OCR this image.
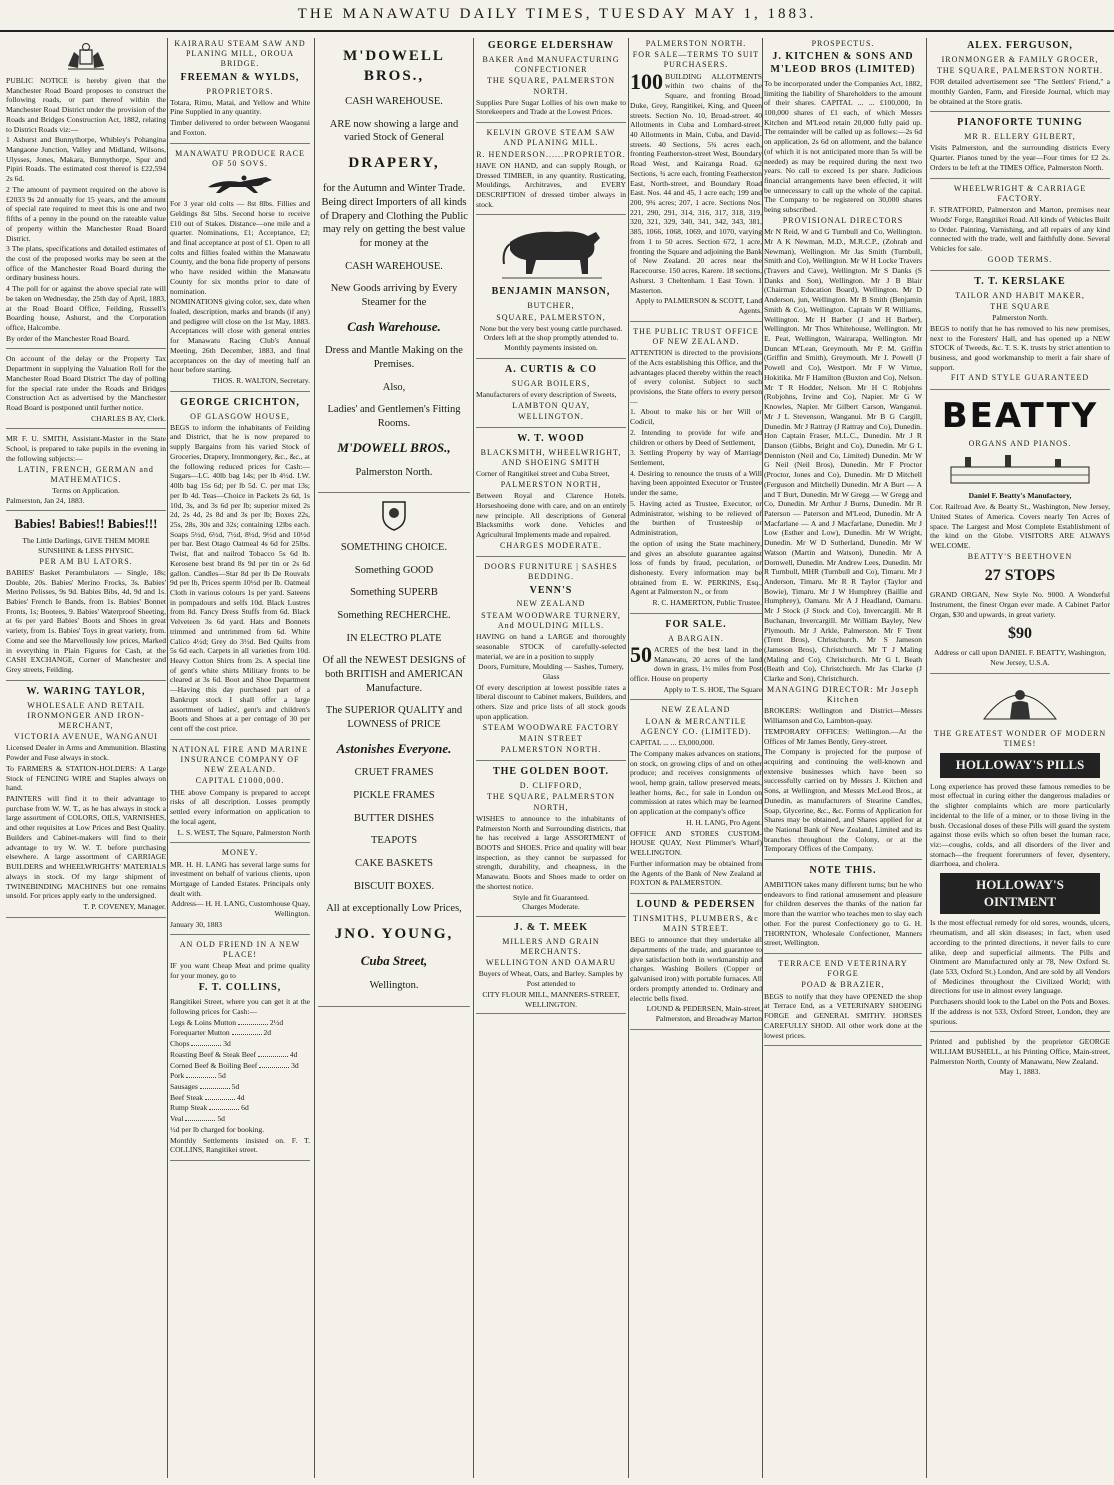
THE MANAWATU DAILY TIMES, TUESDAY MAY 1, 1883.

PUBLIC NOTICE is hereby given that the Manchester Road Board proposes to construct the following roads, or part thereof within the Manchester Road District under the provision of the Roads and Bridges Construction Act, 1882, relating to District Roads viz:—

1 Ashurst and Bunnythorpe, Whibley's Pohangina Mangaone Junction, Valley and Midland, Wilsons, Ulysses, Jones, Makara, Bunnythorpe, Spur and Pipiri Roads. The estimated cost thereof is £22,594 2s 6d.

2 The amount of payment required on the above is £2033 9s 2d annually for 15 years, and the amount of special rate required to meet this is one and two fifths of a penny in the pound on the rateable value of property within the Manchester Road Board District.

3 The plans, specifications and detailed estimates of the cost of the proposed works may be seen at the office of the Manchester Road Board during the ordinary business hours.

4 The poll for or against the above special rate will be taken on Wednesday, the 25th day of April, 1883, at the Road Board Office, Feilding, Russell's Boarding house, Ashurst, and the Corporation office, Halcombe.

By order of the Manchester Road Board.

On account of the delay or the Property Tax Department in supplying the Valuation Roll for the Manchester Road Board District The day of polling for the special rate under the Roads and Bridges Construction Act as advertised by the Manchester Road Board is postponed until further notice.

CHARLES B AY, Clerk.

MR F. U. SMITH, Assistant-Master in the State School, is prepared to take pupils in the evening in the following subjects:—

LATIN, FRENCH, GERMAN and MATHEMATICS.
Terms on Application.
Palmerston, Jan 24, 1883.
Babies! Babies!! Babies!!!
The Little Darlings, GIVE THEM MORE SUNSHINE & LESS PHYSIC.
PER AM BU LATORS.

BABIES' Basket Perambulators — Single, 18s; Double, 20s. Babies' Merino Frocks, 3s. Babies' Merino Pelisses, 9s 9d. Babies Bibs, 4d, 9d and 1s. Babies' French Ie Bands, from 1s. Babies' Bonnet Fronts, 1s; Bootees, 9. Babies' Waterproof Sheeting, at 6s per yard Babies' Boots and Shoes in great variety, from 1s. Babies' Toys in great variety, from. Come and see the Marvellously low prices, Marked in everything in Plain Figures for Cash, at the CASH EXCHANGE, Corner of Manchester and Grey streets, Feilding.

W. WARING TAYLOR,
WHOLESALE AND RETAIL IRONMONGER AND IRON-MERCHANT,
VICTORIA AVENUE, WANGANUI

Licensed Dealer in Arms and Ammunition. Blasting Powder and Fuse always in stock.

To FARMERS & STATION-HOLDERS: A Large Stock of FENCING WIRE and Staples always on hand.

PAINTERS will find it to their advantage to purchase from W. W. T., as he has always in stock a large assortment of COLORS, OILS, VARNISHES, and other requisites at Low Prices and Best Quality. Builders and Cabinet-makers will find to their advantage to try W. W. T. before purchasing elsewhere. A large assortment of CARRIAGE BUILDERS and WHEELWRIGHTS' MATERIALS always in stock. Of my large shipment of TWINEBINDING MACHINES but one remains unsold. For prices apply early to the undersigned.

T. P. COVENEY, Manager.

KAIRARAU STEAM SAW AND PLANING MILL, OROUA BRIDGE.
FREEMAN & WYLDS,
PROPRIETORS.

Totara, Rimu, Matai, and Yellow and White Pine Supplied in any quantity.

Timber delivered to order between Waoganui and Foxton.

MANAWATU PRODUCE RACE OF 50 SOVS.

For 3 year old colts — 8st 8lbs. Fillies and Geldings 8st 5lbs. Second horse to receive £10 out of Stakes. Distance—one mile and a quarter. Nominations, £1; Acceptance, £2; and final acceptance at post of £1. Open to all colts and fillies foaled within the Manawatu County, and the bona fide property of persons who have resided within the Manawatu County for six months prior to date of nomination.

NOMINATIONS giving color, sex, date when foaled, description, marks and brands (if any) and pedigree will close on the 1st May, 1883. Acceptances will close with general entries for Manawatu Racing Club's Annual Meeting, 26th December, 1883, and final acceptances on the day of meeting half an hour before starting.

THOS. R. WALTON, Secretary.

GEORGE CRICHTON,
OF GLASGOW HOUSE,

BEGS to inform the inhabitants of Feilding and District, that he is now prepared to supply Bargains from his varied Stock of Groceries, Drapery, Ironmongery, &c., &c., at the following reduced prices for Cash:— Sugars—I.C. 40lb bag 14s; per lb 4½d. I.W. 40lb bag 15s 6d; per lb 5d. C. per mat 13s; per lb 4d. Teas—Choice in Packets 2s 6d, 1s 10d, 3s, and 3s 6d per lb; superior mixed 2s 2d, 2s 4d, 2s 8d and 3s per lb; Boxes 22s, 25s, 28s, 30s and 32s; containing 12lbs each. Soaps 5½d, 6½d, 7½d, 8½d, 9½d and 10½d per bar. Best Otago Oatmeal 4s 6d for 25lbs. Twist, flat and nailrod Tobacco 5s 6d lb. Kerosene best brand 8s 9d per tin or 2s 6d gallon. Candles—Star 8d per lb De Rouvalx 9d per lb, Prices sperm 10½d per lb. Oatmeal Cloth in various colours 1s per yard. Sateens in pompadours and selfs 10d. Black Lustres from 8d. Fancy Dress Stuffs from 6d. Black Velveteen 3s 6d yard. Hats and Bonnets trimmed and untrimmed from 6d. White Calico 4½d; Grey do 3½d. Bed Quilts from 5s 6d each. Carpets in all varieties from 10d. Heavy Cotton Shirts from 2s. A special line of gent's white shirts Military fronts to be cleared at 3s 6d. Boot and Shoe Department—Having this day purchased part of a Bankrupt stock I shall offer a large assortment of ladies', gent's and children's Boots and Shoes at a per centage of 30 per cent off the cost price.

NATIONAL FIRE AND MARINE INSURANCE COMPANY OF NEW ZEALAND.
CAPITAL £1000,000.

THE above Company is prepared to accept risks of all description. Losses promptly settled every information on application to the local agent,

L. S. WEST, The Square, Palmerston North

MONEY.

MR. H. H. LANG has several large sums for investment on behalf of various clients, upon Mortgage of Landed Estates. Principals only dealt with.

Address— H. H. LANG, Customhouse Quay, Wellington.

January 30, 1883
AN OLD FRIEND IN A NEW PLACE!

IF you want Cheap Meat and prime quality for your money, go to

F. T. COLLINS,

Rangitikei Street, where you can get it at the following prices for Cash:—

Legs & Loins Mutton	2½d
Forequarter Mutton	2d
Chops	3d
Roasting Beef & Steak Beef	4d
Corned Beef & Boiling Beef	3d
Pork	5d
Sausages	5d
Beef Steak	4d
Rump Steak	6d
Veal	5d

½d per lb charged for booking.

Monthly Settlements insisted on. F. T. COLLINS, Rangitikei street.

M'DOWELL BROS.,
CASH WAREHOUSE.
ARE now showing a large and varied Stock of General
DRAPERY,
for the Autumn and Winter Trade. Being direct Importers of all kinds of Drapery and Clothing the Public may rely on getting the best value for money at the
CASH WAREHOUSE.
New Goods arriving by Every Steamer for the
Cash Warehouse.
Dress and Mantle Making on the Premises.
Also,
Ladies' and Gentlemen's Fitting Rooms.
M'DOWELL BROS.,
Palmerston North.
SOMETHING CHOICE.
Something GOOD
Something SUPERB
Something RECHERCHE.
IN ELECTRO PLATE
Of all the NEWEST DESIGNS of both BRITISH and AMERICAN Manufacture.
The SUPERIOR QUALITY and LOWNESS of PRICE
Astonishes Everyone.
CRUET FRAMES
PICKLE FRAMES
BUTTER DISHES
TEAPOTS
CAKE BASKETS
BISCUIT BOXES.
All at exceptionally Low Prices,
JNO. YOUNG,
Cuba Street,
Wellington.
GEORGE ELDERSHAW
BAKER And MANUFACTURING CONFECTIONER
THE SQUARE, PALMERSTON NORTH.

Supplies Pure Sugar Lollies of his own make to Storekeepers and Trade at the Lowest Prices.

KELVIN GROVE STEAM SAW AND PLANING MILL.
R. HENDERSON......PROPRIETOR.

HAVE ON HAND, and can supply Rough, or Dressed TIMBER, in any quantity. Rusticating, Mouldings, Architraves, and EVERY DESCRIPTION of dressed timber always in stock.

BENJAMIN MANSON,
BUTCHER,
SQUARE, PALMERSTON,

None but the very best young cattle purchased. Orders left at the shop promptly attended to. Monthly payments insisted on.

A. CURTIS & CO
SUGAR BOILERS,

Manufacturers of every description of Sweets,

LAMBTON QUAY,
WELLINGTON.
W. T. WOOD
BLACKSMITH, WHEELWRIGHT, AND SHOEING SMITH

Corner of Rangitikei street and Cuba Street,

PALMERSTON NORTH,

Between Royal and Clarence Hotels. Horseshoeing done with care, and on an entirely new principle. All descriptions of General Blacksmiths work done. Vehicles and Agricultural Implements made and repaired.

CHARGES MODERATE.
DOORS FURNITURE | SASHES BEDDING.
VENN'S
NEW ZEALAND
STEAM WOODWARE TURNERY, And MOULDING MILLS.

HAVING on hand a LARGE and thoroughly seasonable STOCK of carefully-selected material, we are in a position to supply

Doors, Furniture, Moulding — Sashes, Turnery, Glass

Of every description at lowest possible rates a liberal discount to Cabinet makers, Builders, and others. Size and price lists of all stock goods upon application.

STEAM WOODWARE FACTORY
MAIN STREET
PALMERSTON NORTH.
THE GOLDEN BOOT.
D. CLIFFORD,
THE SQUARE, PALMERSTON NORTH,

WISHES to announce to the inhabitants of Palmerston North and Surrounding districts, that he has received a large ASSORTMENT of BOOTS and SHOES. Price and quality will bear inspection, as they cannot be surpassed for strength, durability, and cheapness, in the Manawatu. Boots and Shoes made to order on the shortest notice.

Style and fit Guaranteed.
Charges Moderate.
J. & T. MEEK
MILLERS AND GRAIN MERCHANTS.
WELLINGTON AND OAMARU

Buyers of Wheat, Oats, and Barley. Samples by Post attended to

CITY FLOUR MILL, MANNERS-STREET, WELLINGTON.
PALMERSTON NORTH.
FOR SALE—TERMS TO SUIT PURCHASERS.
100 BUILDING ALLOTMENTS within two chains of the Square, and fronting Broad, Duke, Grey, Rangitikei, King, and Queen streets. Section No. 10, Broad-street. 40 Allotments in Cuba and Lombard-street. 40 Allotments in Main, Cuba, and David-streets. 40 Sections, 5¾ acres each, fronting Featherston-street West, Boundary Road West, and Kairanga Road. 62 Sections, ¾ acre each, fronting Featherston East, North-street, and Boundary Road East. Nos. 44 and 45, 1 acre each; 199 and 200, 9¾ acres; 207, 1 acre. Sections Nos. 221, 290, 291, 314, 316, 317, 318, 319, 320, 321, 329, 340, 341, 342, 343, 381, 385, 1066, 1068, 1069, and 1070, varying from 1 to 50 acres. Section 672, 1 acre, fronting the Square and adjoining the Bank of New Zealand. 20 acres near the Racecourse. 150 acres, Karere. 18 sections, Ashurst. 3 Cheltenham. 1 East Town. 1 Masterton.

Apply to PALMERSON & SCOTT, Land Agents.

THE PUBLIC TRUST OFFICE OF NEW ZEALAND.

ATTENTION is directed to the provisions of the Acts establishing this Office, and the advantages placed thereby within the reach of every colonist. Subject to such provisions, the State offers to every person—

1. About to make his or her Will or Codicil,

2. Intending to provide for wife and children or others by Deed of Settlement,

3. Settling Property by way of Marriage Settlement,

4. Desiring to renounce the trusts of a Will having been appointed Executor or Trustee under the same,

5. Having acted as Trustee, Executor, or Administrator, wishing to be relieved of the burthen of Trusteeship or Administration,

the option of using the State machinery, and gives an absolute guarantee against loss of funds by fraud, peculation, or dishonesty. Every information may be obtained from E. W. PERKINS, Esq., Agent at Palmerston N., or from

R. C. HAMERTON, Public Trustee.

FOR SALE.
A BARGAIN.
50 ACRES of the best land in the Manawatu, 20 acres of the land down in grass, 1½ miles from Post office. House on property

Apply to T. S. HOE, The Square

NEW ZEALAND
LOAN & MERCANTILE AGENCY CO. (LIMITED).
CAPITAL ... ... £3,000,000.

The Company makes advances on stations, on stock, on growing clips of and on other produce; and receives consignments of wool, hemp grain, tallow preserved meats, leather horns, &c., for sale in London on commission at rates which may be learned on application at the company's office

H. H. LANG, Pro Agent.

OFFICE AND STORES CUSTOM-HOUSE QUAY, Next Plimmer's Wharf) WELLINGTON.

Further information may be obtained from the Agents of the Bank of New Zealand at FOXTON & PALMERSTON.

LOUND & PEDERSEN
TINSMITHS, PLUMBERS, &c MAIN STREET.

BEG to announce that they undertake all departments of the trade, and guarantee to give satisfaction both in workmanship and charges. Washing Boilers (Copper or galvanised iron) with portable furnaces. All orders promptly attended to. Ordinary and electric bells fixed.

LOUND & PEDERSEN, Main-street, Palmerston, and Broadway Marton

PROSPECTUS.
J. KITCHEN & SONS AND M'LEOD BROS (LIMITED)

To be incorporated under the Companies Act, 1882, limiting the liability of Shareholders to the amount of their shares. CAPITAL ... ... £100,000, In 100,000 shares of £1 each, of which Messrs Kitchen and M'Leod retain 20,000 fully paid up. The remainder will be called up as follows:—2s 6d on application, 2s 6d on allotment, and the balance (of which it is not anticipated more than 5s will be needed) as may be required during the next two years. No call to exceed 1s per share. Judicious financial arrangements have been effected, it will be unnecessary to call up the whole of the capital. The Company to be registered on 30,000 shares being subscribed.

PROVISIONAL DIRECTORS

Mr N Reid, W and G Turnbull and Co, Wellington. Mr A K Newman, M.D., M.R.C.P., (Zohrab and Newman), Wellington. Mr Jas Smith (Turnbull, Smith and Co), Wellington. Mr W H Locke Travers (Travers and Cave), Wellington. Mr S Danks (S Danks and Son), Wellington. Mr J B Blair (Chairman Education Board), Wellington. Mr D Anderson, jun, Wellington. Mr B Smith (Benjamin Smith & Co), Wellington. Captain W R Williams, Wellington. Mr H Barber (J and H Barber), Wellington. Mr Thos Whitehouse, Wellington. Mr E. Peat, Wellington, Wairarapa, Wellington. Mr Duncan M'Lean, Greymouth. Mr P. M. Griffin (Griffin and Smith), Greymouth. Mr J. Powell (J Powell and Co), Westport. Mr F W Virtue, Hokitika. Mr F Hamilton (Buxton and Co), Nelson. Mr T R Hodder, Nelson. Mr H C Robjohns (Robjohns, Irvine and Co), Napier. Mr G W Knowles, Napier. Mr Gilbert Carson, Wanganui. Mr J L Stevenson, Wanganui. Mr B G Cargill, Dunedin. Mr J Rattray (J Rattray and Co), Dunedin. Hon Captain Fraser, M.L.C., Dunedin. Mr J R Danson (Gibbs, Bright and Co), Dunedin. Mr G L Denniston (Neil and Co, Limited) Dunedin. Mr W G Neil (Neil Bros), Dunedin. Mr F Proctor (Proctor, Jones and Co), Dunedin. Mr D Mitchell (Ferguson and Mitchell) Dunedin. Mr A Burt — A and T Burt, Dunedin. Mr W Gregg — W Gregg and Co, Dunedin. Mr Arthur J Burns, Dunedin. Mr R Paterson — Paterson and M'Leod, Dunedin. Mr A Macfarlane — A and J Macfarlane, Dunedin. Mr J Low (Esther and Low), Dunedin. Mr W Wright, Dunedin. Mr W D Sutherland, Dunedin. Mr W Watson (Martin and Watson), Dunedin. Mr A Dornwell, Dunedin. Mr Andrew Lees, Dunedin. Mr R Turnbull, MHR (Turnbull and Co), Timaru. Mr J Anderson, Timaru. Mr R R Taylor (Taylor and Bowie), Timaru. Mr J W Humphrey (Baillie and Humphrey), Oamaru. Mr A J Headland, Oamaru. Mr J Stock (J Stock and Co), Invercargill. Mr R Buchanan, Invercargill. Mr William Bayley, New Plymouth. Mr J Arkle, Palmerston. Mr F Trent (Trent Bros), Christchurch. Mr S Jameson (Jameson Bros), Christchurch. Mr T J Maling (Maling and Co), Christchurch. Mr G L Beath (Beath and Co), Christchurch. Mr Jas Clarke (J Clarke and Son), Christchurch.

MANAGING DIRECTOR: Mr Joseph Kitchen

BROKERS: Wellington and District—Messrs Williamson and Co, Lambton-quay.

TEMPORARY OFFICES: Wellington.—At the Offices of Mr James Bently, Grey-street.

The Company is projected for the purpose of acquiring and continuing the well-known and extensive businesses which have been so successfully carried on by Messrs J. Kitchen and Sons, at Wellington, and Messrs McLeod Bros., at Dunedin, as manufacturers of Stearine Candles, Soap, Glycerine, &c., &c. Forms of Application for Shares may be obtained, and Shares applied for at the National Bank of New Zealand, Limited and its branches throughout the Colony, or at the Temporary Offices of the Company.

NOTE THIS.

AMBITION takes many different turns; but he who endeavors to find rational amusement and pleasure for children deserves the thanks of the nation far more than the warrior who teaches men to slay each other. For the purest Confectionery go to G. H. THORNTON, Wholesale Confectioner, Manners street, Wellington.

TERRACE END VETERINARY FORGE
POAD & BRAZIER,

BEGS to notify that they have OPENED the shop at Terrace End, as a VETERINARY SHOEING FORGE and GENERAL SMITHY. HORSES CAREFULLY SHOD. All other work done at the lowest prices.

ALEX. FERGUSON,
IRONMONGER & FAMILY GROCER,
THE SQUARE, PALMERSTON NORTH.

FOR detailed advertisement see "The Settlers' Friend," a monthly Garden, Farm, and Fireside Journal, which may be obtained at the Store gratis.

PIANOFORTE TUNING
MR R. ELLERY GILBERT,

Visits Palmerston, and the surrounding districts Every Quarter. Pianos tuned by the year—Four times for £2 2s. Orders to be left at the TIMES Office, Palmerston North.

WHEELWRIGHT & CARRIAGE FACTORY.

F. STRATFORD, Palmerston and Marton, premises near Woods' Forge, Rangitikei Road. All kinds of Vehicles Built to Order. Painting, Varnishing, and all repairs of any kind connected with the trade, well and faithfully done. Several Vehicles for sale.

GOOD TERMS.
T. T. KERSLAKE
TAILOR AND HABIT MAKER,
THE SQUARE
Palmerston North.

BEGS to notify that he has removed to his new premises, next to the Foresters' Hall, and has opened up a NEW STOCK of Tweeds, &c. T. S. K. trusts by strict attention to business, and good workmanship to merit a fair share of support.

FIT AND STYLE GUARANTEED
BEATTY
ORGANS AND PIANOS.
Daniel F. Beatty's Manufactory,

Cor. Railroad Ave. & Beatty St., Washington, New Jersey, United States of America. Covers nearly Ten Acres of space. The Largest and Most Complete Establishment of the kind on the Globe. VISITORS ARE ALWAYS WELCOME.

BEATTY'S BEETHOVEN
27 STOPS

GRAND ORGAN, New Style No. 9000. A Wonderful Instrument, the finest Organ ever made. A Cabinet Parlor Organ, $30 and upwards, in great variety.

$90

Address or call upon DANIEL F. BEATTY, Washington, New Jersey, U.S.A.

THE GREATEST WONDER OF MODERN TIMES!
HOLLOWAY'S PILLS

Long experience has proved these famous remedies to be most effectual in curing either the dangerous maladies or the slighter complaints which are more particularly incidental to the life of a miner, or to those living in the bush. Occasional doses of these Pills will guard the system against those evils which so often beset the human race, viz:—coughs, colds, and all disorders of the liver and stomach—the frequent forerunners of fever, dysentery, diarrhoea, and cholera.

HOLLOWAY'S OINTMENT

Is the most effectual remedy for old sores, wounds, ulcers, rheumatism, and all skin diseases; in fact, when used according to the printed directions, it never fails to cure alike, deep and superficial ailments. The Pills and Ointment are Manufactured only at 78, New Oxford St. (late 533, Oxford St.) London, And are sold by all Vendors of Medicines throughout the Civilized World; with directions for use in almost every language.

Purchasers should look to the Label on the Pots and Boxes. If the address is not 533, Oxford Street, London, they are spurious.

Printed and published by the proprietor GEORGE WILLIAM BUSHELL, at his Printing Office, Main-street, Palmerston North, County of Manawatu, New Zealand.

May 1, 1883.
